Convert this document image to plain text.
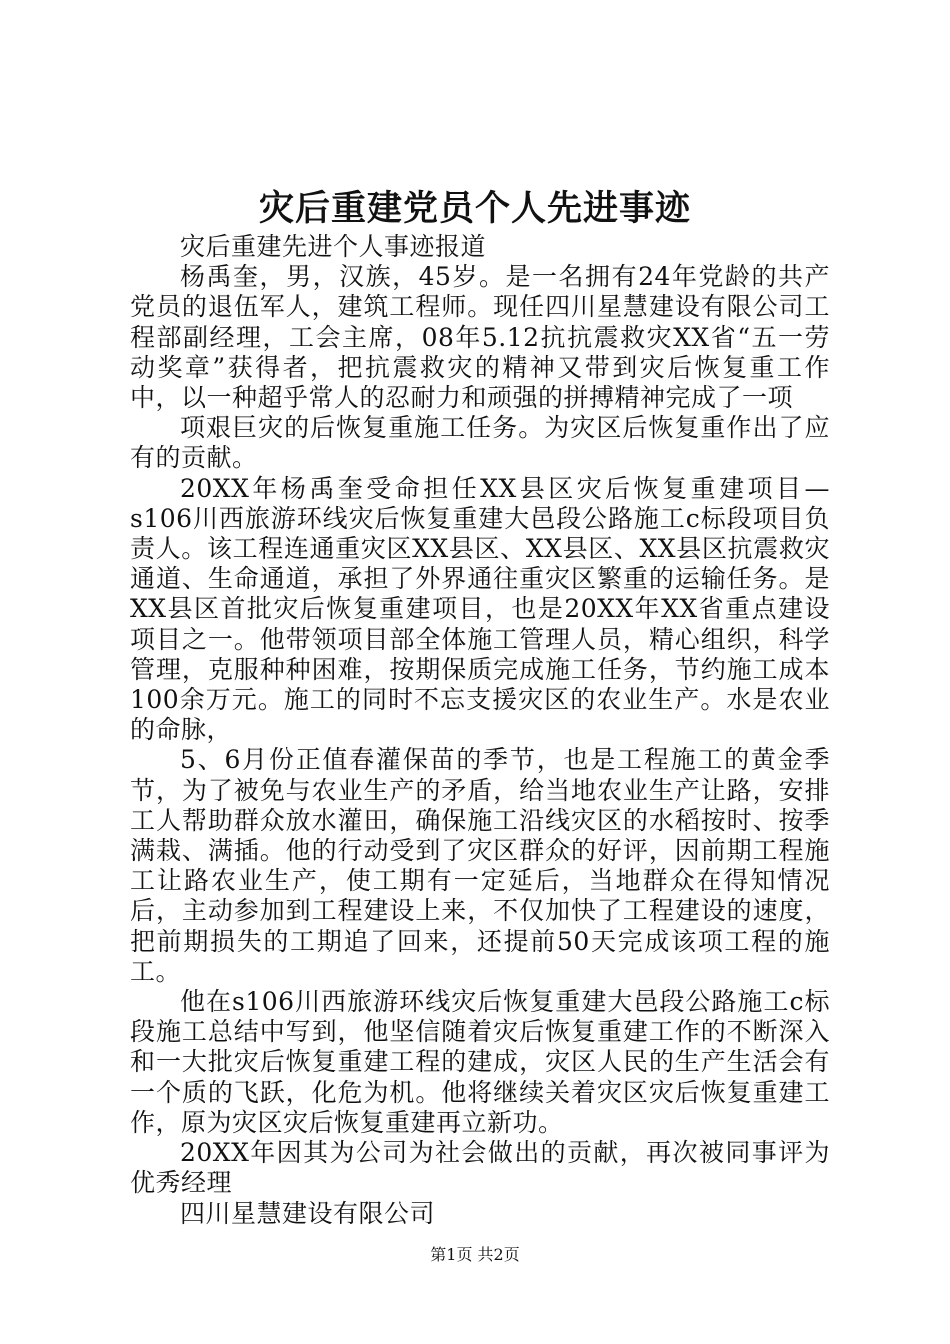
灾后重建党员个人先进事迹

灾后重建先进个人事迹报道

杨禹奎，男，汉族，45岁。是一名拥有24年党龄的共产党员的退伍军人，建筑工程师。现任四川星慧建设有限公司工程部副经理，工会主席，08年5.12抗抗震救灾XX省“五一劳动奖章”获得者，把抗震救灾的精神又带到灾后恢复重工作中，以一种超乎常人的忍耐力和顽强的拼搏精神完成了一项

项艰巨灾的后恢复重施工任务。为灾区后恢复重作出了应有的贡献。

20XX年杨禹奎受命担任XX县区灾后恢复重建项目—s106川西旅游环线灾后恢复重建大邑段公路施工c标段项目负责人。该工程连通重灾区XX县区、XX县区、XX县区抗震救灾通道、生命通道，承担了外界通往重灾区繁重的运输任务。是XX县区首批灾后恢复重建项目，也是20XX年XX省重点建设项目之一。他带领项目部全体施工管理人员，精心组织，科学管理，克服种种困难，按期保质完成施工任务，节约施工成本100余万元。施工的同时不忘支援灾区的农业生产。水是农业的命脉，

5、6月份正值春灌保苗的季节，也是工程施工的黄金季节，为了被免与农业生产的矛盾，给当地农业生产让路，安排工人帮助群众放水灌田，确保施工沿线灾区的水稻按时、按季满栽、满插。他的行动受到了灾区群众的好评，因前期工程施工让路农业生产，使工期有一定延后，当地群众在得知情况后，主动参加到工程建设上来，不仅加快了工程建设的速度，把前期损失的工期追了回来，还提前50天完成该项工程的施工。

他在s106川西旅游环线灾后恢复重建大邑段公路施工c标段施工总结中写到，他坚信随着灾后恢复重建工作的不断深入和一大批灾后恢复重建工程的建成，灾区人民的生产生活会有一个质的飞跃，化危为机。他将继续关着灾区灾后恢复重建工作，原为灾区灾后恢复重建再立新功。

20XX年因其为公司为社会做出的贡献，再次被同事评为优秀经理

四川星慧建设有限公司

第1页 共2页
